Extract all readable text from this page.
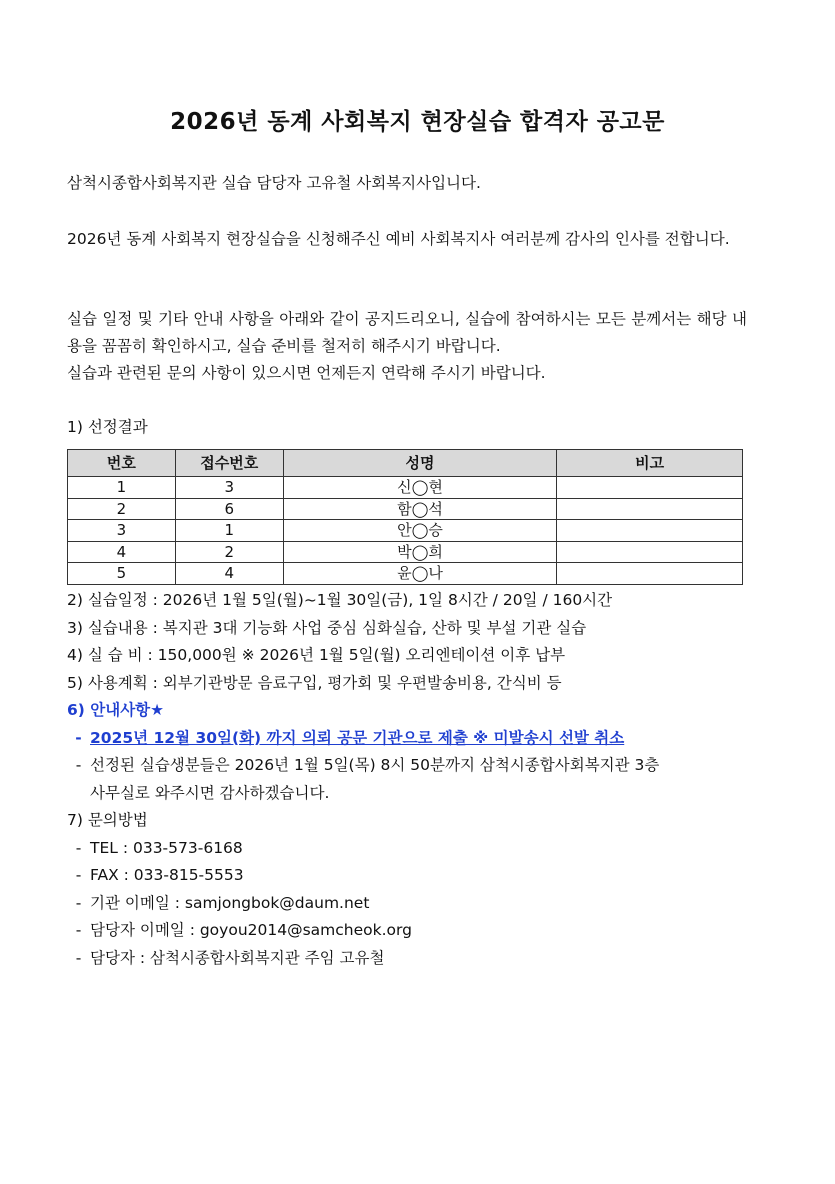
2026년 동계 사회복지 현장실습 합격자 공고문
삼척시종합사회복지관 실습 담당자 고유철 사회복지사입니다.
2026년 동계 사회복지 현장실습을 신청해주신 예비 사회복지사 여러분께 감사의 인사를 전합니다.
실습 일정 및 기타 안내 사항을 아래와 같이 공지드리오니, 실습에 참여하시는 모든 분께서는 해당 내용을 꼼꼼히 확인하시고, 실습 준비를 철저히 해주시기 바랍니다.
실습과 관련된 문의 사항이 있으시면 언제든지 연락해 주시기 바랍니다.
1) 선정결과
번호	접수번호	성명	비고
1	3	신◯현	
2	6	함◯석	
3	1	안◯승	
4	2	박◯희	
5	4	윤◯나	
2) 실습일정 : 2026년 1월 5일(월)~1월 30일(금), 1일 8시간 / 20일 / 160시간
3) 실습내용 : 복지관 3대 기능화 사업 중심 심화실습, 산하 및 부설 기관 실습
4) 실 습 비 : 150,000원 ※ 2026년 1월 5일(월) 오리엔테이션 이후 납부
5) 사용계획 : 외부기관방문 음료구입, 평가회 및 우편발송비용, 간식비 등
6) 안내사항★
- 2025년 12월 30일(화) 까지 의뢰 공문 기관으로 제출 ※ 미발송시 선발 취소
- 선정된 실습생분들은 2026년 1월 5일(목) 8시 50분까지 삼척시종합사회복지관 3층
사무실로 와주시면 감사하겠습니다.
7) 문의방법
- TEL : 033-573-6168
- FAX : 033-815-5553
- 기관 이메일 : samjongbok@daum.net
- 담당자 이메일 : goyou2014@samcheok.org
- 담당자 : 삼척시종합사회복지관 주임 고유철
